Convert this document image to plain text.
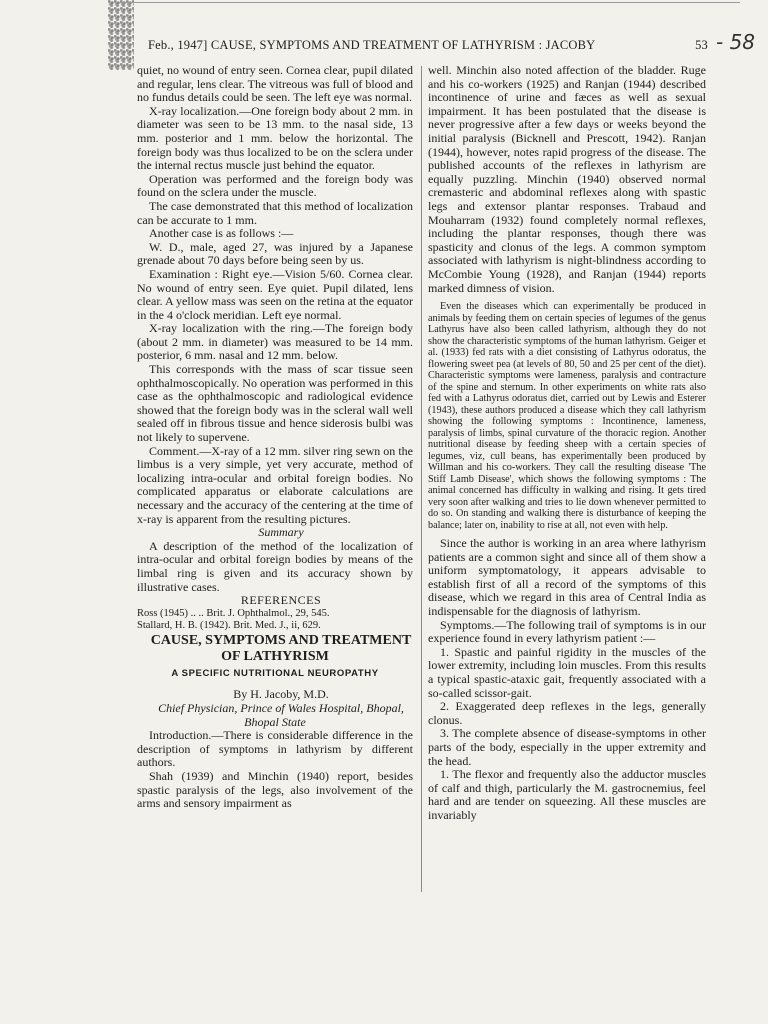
Feb., 1947] CAUSE, SYMPTOMS AND TREATMENT OF LATHYRISM : JACOBY	53 - 58

quiet, no wound of entry seen. Cornea clear, pupil dilated and regular, lens clear. The vitreous was full of blood and no fundus details could be seen. The left eye was normal.

X-ray localization.—One foreign body about 2 mm. in diameter was seen to be 13 mm. to the nasal side, 13 mm. posterior and 1 mm. below the horizontal. The foreign body was thus localized to be on the sclera under the internal rectus muscle just behind the equator.

Operation was performed and the foreign body was found on the sclera under the muscle.

The case demonstrated that this method of localization can be accurate to 1 mm.

Another case is as follows :—

W. D., male, aged 27, was injured by a Japanese grenade about 70 days before being seen by us.

Examination : Right eye.—Vision 5/60. Cornea clear. No wound of entry seen. Eye quiet. Pupil dilated, lens clear. A yellow mass was seen on the retina at the equator in the 4 o'clock meridian. Left eye normal.

X-ray localization with the ring.—The foreign body (about 2 mm. in diameter) was measured to be 14 mm. posterior, 6 mm. nasal and 12 mm. below.

This corresponds with the mass of scar tissue seen ophthalmoscopically. No operation was performed in this case as the ophthalmoscopic and radiological evidence showed that the foreign body was in the scleral wall well sealed off in fibrous tissue and hence siderosis bulbi was not likely to supervene.

Comment.—X-ray of a 12 mm. silver ring sewn on the limbus is a very simple, yet very accurate, method of localizing intra-ocular and orbital foreign bodies. No complicated apparatus or elaborate calculations are necessary and the accuracy of the centering at the time of x-ray is apparent from the resulting pictures.

Summary

A description of the method of the localization of intra-ocular and orbital foreign bodies by means of the limbal ring is given and its accuracy shown by illustrative cases.

REFERENCES

Ross (1945) .. .. Brit. J. Ophthalmol., 29, 545.

Stallard, H. B. (1942). Brit. Med. J., ii, 629.

CAUSE, SYMPTOMS AND TREATMENT OF LATHYRISM

A SPECIFIC NUTRITIONAL NEUROPATHY

By H. Jacoby, M.D.

Chief Physician, Prince of Wales Hospital, Bhopal, Bhopal State

Introduction.—There is considerable difference in the description of symptoms in lathyrism by different authors.

Shah (1939) and Minchin (1940) report, besides spastic paralysis of the legs, also involvement of the arms and sensory impairment as

well. Minchin also noted affection of the bladder. Ruge and his co-workers (1925) and Ranjan (1944) described incontinence of urine and fæces as well as sexual impairment. It has been postulated that the disease is never progressive after a few days or weeks beyond the initial paralysis (Bicknell and Prescott, 1942). Ranjan (1944), however, notes rapid progress of the disease. The published accounts of the reflexes in lathyrism are equally puzzling. Minchin (1940) observed normal cremasteric and abdominal reflexes along with spastic legs and extensor plantar responses. Trabaud and Mouharram (1932) found completely normal reflexes, including the plantar responses, though there was spasticity and clonus of the legs. A common symptom associated with lathyrism is night-blindness according to McCombie Young (1928), and Ranjan (1944) reports marked dimness of vision.

Even the diseases which can experimentally be produced in animals by feeding them on certain species of legumes of the genus Lathyrus have also been called lathyrism, although they do not show the characteristic symptoms of the human lathyrism. Geiger et al. (1933) fed rats with a diet consisting of Lathyrus odoratus, the flowering sweet pea (at levels of 80, 50 and 25 per cent of the diet). Characteristic symptoms were lameness, paralysis and contracture of the spine and sternum. In other experiments on white rats also fed with a Lathyrus odoratus diet, carried out by Lewis and Esterer (1943), these authors produced a disease which they call lathyrism showing the following symptoms : Incontinence, lameness, paralysis of limbs, spinal curvature of the thoracic region. Another nutritional disease by feeding sheep with a certain species of legumes, viz, cull beans, has experimentally been produced by Willman and his co-workers. They call the resulting disease 'The Stiff Lamb Disease', which shows the following symptoms : The animal concerned has difficulty in walking and rising. It gets tired very soon after walking and tries to lie down whenever permitted to do so. On standing and walking there is disturbance of keeping the balance; later on, inability to rise at all, not even with help.

Since the author is working in an area where lathyrism patients are a common sight and since all of them show a uniform symptomatology, it appears advisable to establish first of all a record of the symptoms of this disease, which we regard in this area of Central India as indispensable for the diagnosis of lathyrism.

Symptoms.—The following trail of symptoms is in our experience found in every lathyrism patient :—

1. Spastic and painful rigidity in the muscles of the lower extremity, including loin muscles. From this results a typical spastic-ataxic gait, frequently associated with a so-called scissor-gait.

2. Exaggerated deep reflexes in the legs, generally clonus.

3. The complete absence of disease-symptoms in other parts of the body, especially in the upper extremity and the head.

1. The flexor and frequently also the adductor muscles of calf and thigh, particularly the M. gastrocnemius, feel hard and are tender on squeezing. All these muscles are invariably
